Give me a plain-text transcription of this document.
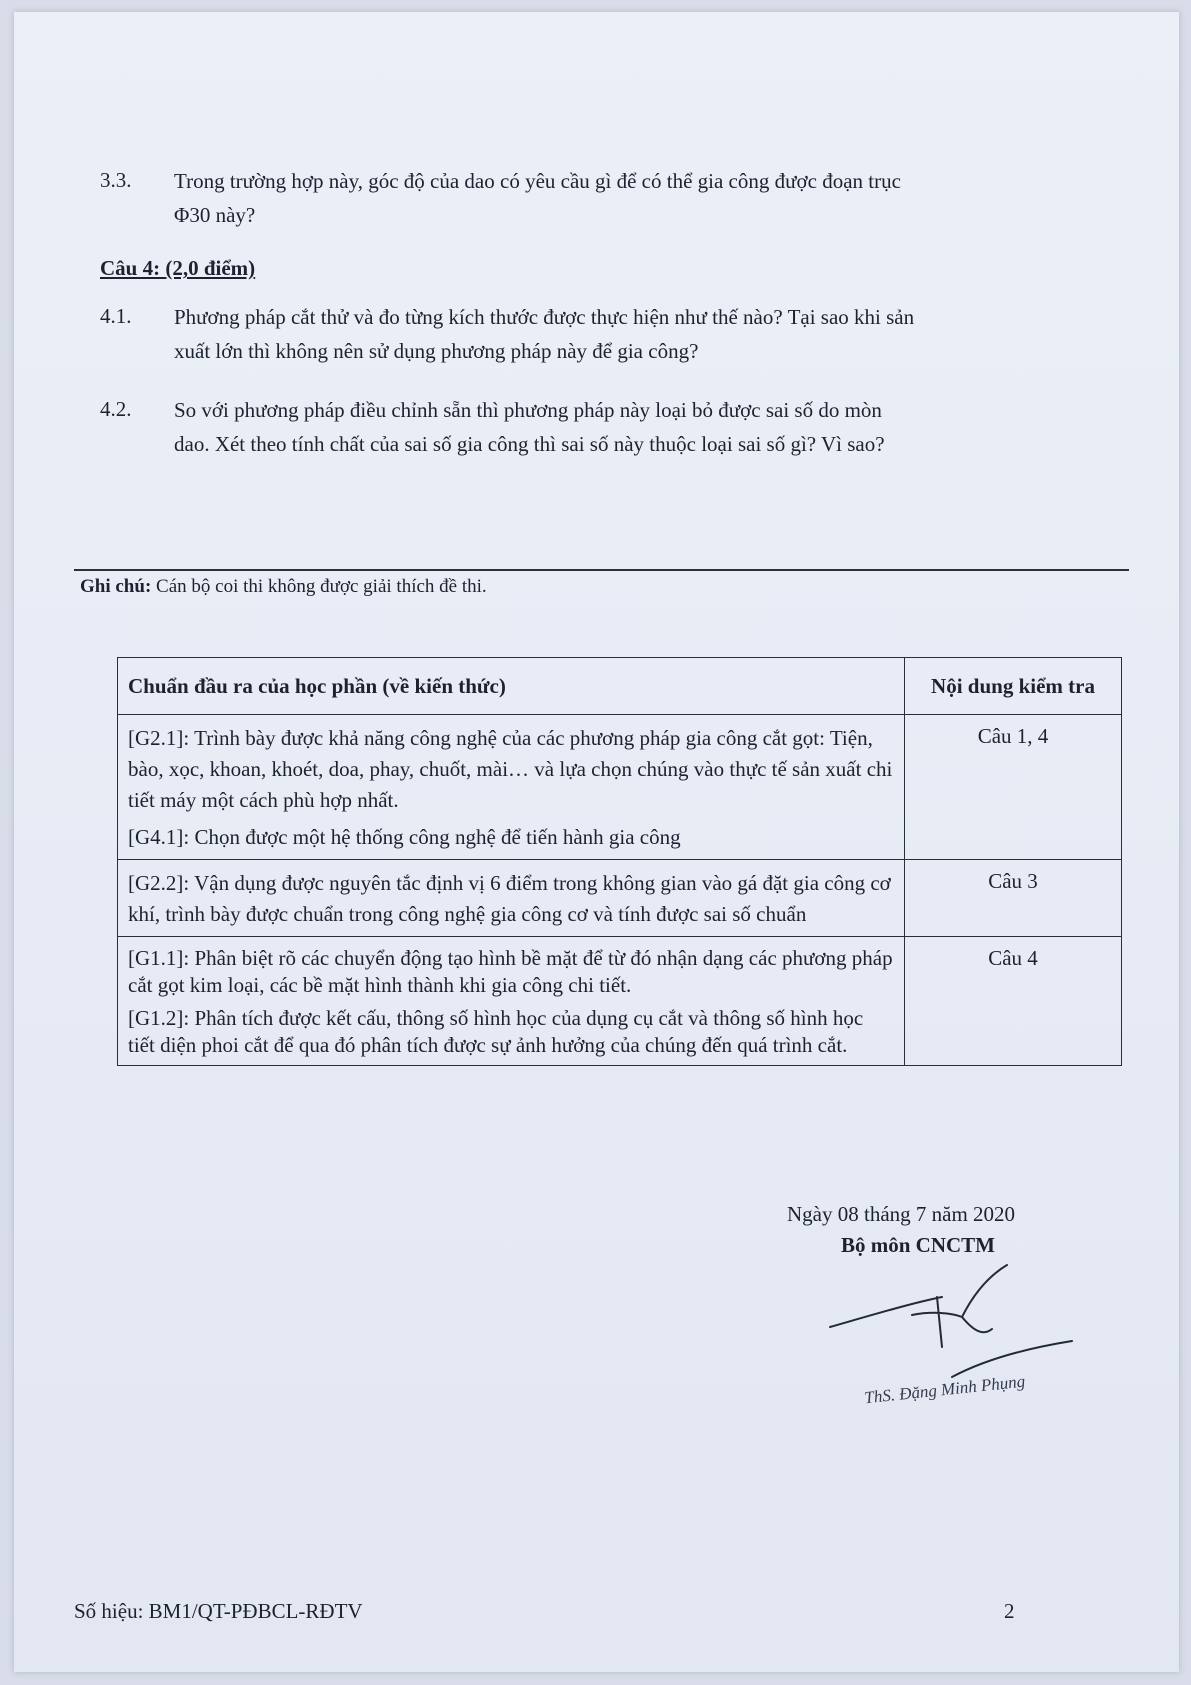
3.3. Trong trường hợp này, góc độ của dao có yêu cầu gì để có thể gia công được đoạn trục
Φ30 này?
Câu 4: (2,0 điểm)
4.1. Phương pháp cắt thử và đo từng kích thước được thực hiện như thế nào? Tại sao khi sản
xuất lớn thì không nên sử dụng phương pháp này để gia công?
4.2. So với phương pháp điều chỉnh sẵn thì phương pháp này loại bỏ được sai số do mòn
dao. Xét theo tính chất của sai số gia công thì sai số này thuộc loại sai số gì? Vì sao?
Ghi chú: Cán bộ coi thi không được giải thích đề thi.
Chuẩn đầu ra của học phần (về kiến thức)	Nội dung kiểm tra

[G2.1]: Trình bày được khả năng công nghệ của các phương pháp gia công cắt gọt: Tiện, bào, xọc, khoan, khoét, doa, phay, chuốt, mài… và lựa chọn chúng vào thực tế sản xuất chi tiết máy một cách phù hợp nhất.
[G4.1]: Chọn được một hệ thống công nghệ để tiến hành gia công	Câu 1, 4

[G2.2]: Vận dụng được nguyên tắc định vị 6 điểm trong không gian vào gá đặt gia công cơ khí, trình bày được chuẩn trong công nghệ gia công cơ và tính được sai số chuẩn	Câu 3

[G1.1]: Phân biệt rõ các chuyển động tạo hình bề mặt để từ đó nhận dạng các phương pháp cắt gọt kim loại, các bề mặt hình thành khi gia công chi tiết.
[G1.2]: Phân tích được kết cấu, thông số hình học của dụng cụ cắt và thông số hình học tiết diện phoi cắt để qua đó phân tích được sự ảnh hưởng của chúng đến quá trình cắt.	Câu 4
Ngày 08 tháng 7 năm 2020
Bộ môn CNCTM
ThS. Đặng Minh Phụng
Số hiệu: BM1/QT-PĐBCL-RĐTV	2
